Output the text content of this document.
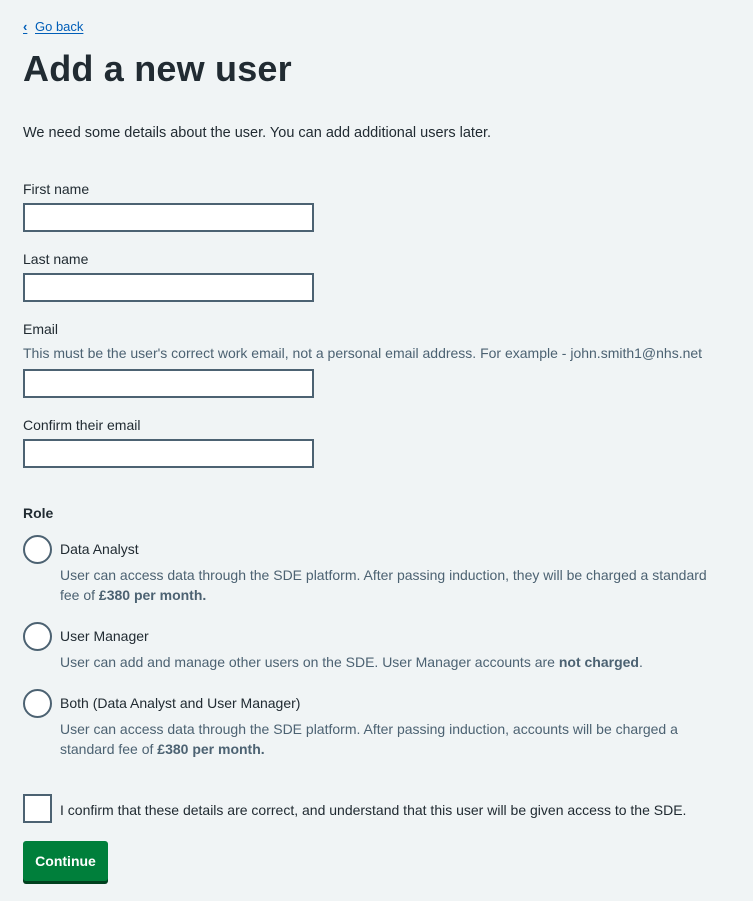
‹ Go back
Add a new user

We need some details about the user. You can add additional users later.

First name
Last name
Email

This must be the user's correct work email, not a personal email address. For example - john.smith1@nhs.net

Confirm their email

Role

Data Analyst
User can access data through the SDE platform. After passing induction, they will be charged a standard fee of £380 per month.
User Manager
User can add and manage other users on the SDE. User Manager accounts are not charged.
Both (Data Analyst and User Manager)
User can access data through the SDE platform. After passing induction, accounts will be charged a standard fee of £380 per month.
I confirm that these details are correct, and understand that this user will be given access to the SDE.
Continue
